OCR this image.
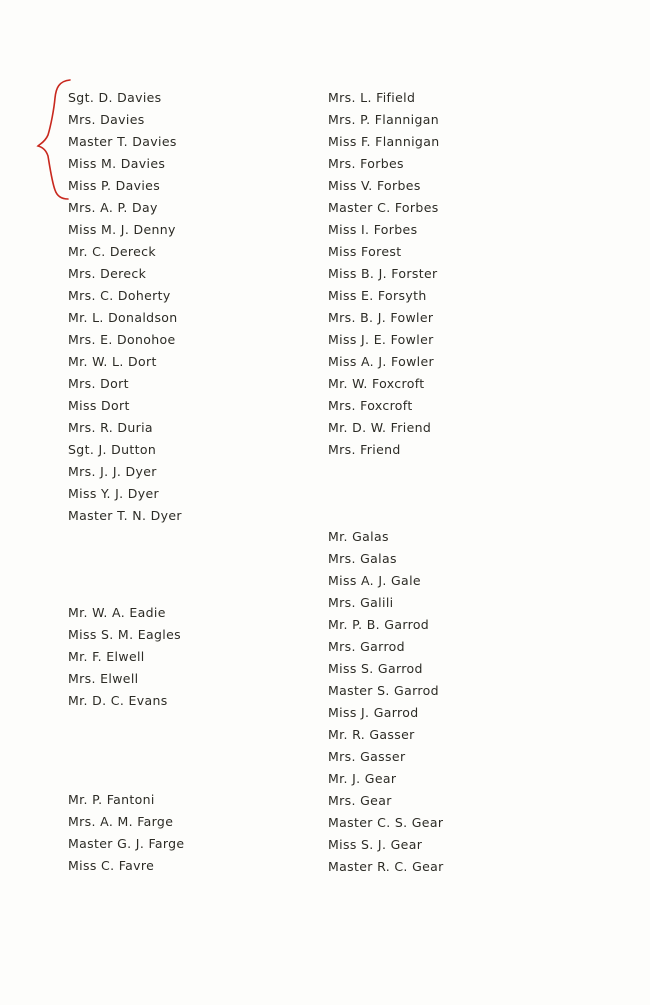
Sgt. D. Davies
Mrs. Davies
Master T. Davies
Miss M. Davies
Miss P. Davies
Mrs. A. P. Day
Miss M. J. Denny
Mr. C. Dereck
Mrs. Dereck
Mrs. C. Doherty
Mr. L. Donaldson
Mrs. E. Donohoe
Mr. W. L. Dort
Mrs. Dort
Miss Dort
Mrs. R. Duria
Sgt. J. Dutton
Mrs. J. J. Dyer
Miss Y. J. Dyer
Master T. N. Dyer
Mr. W. A. Eadie
Miss S. M. Eagles
Mr. F. Elwell
Mrs. Elwell
Mr. D. C. Evans
Mr. P. Fantoni
Mrs. A. M. Farge
Master G. J. Farge
Miss C. Favre
Mrs. L. Fifield
Mrs. P. Flannigan
Miss F. Flannigan
Mrs. Forbes
Miss V. Forbes
Master C. Forbes
Miss I. Forbes
Miss Forest
Miss B. J. Forster
Miss E. Forsyth
Mrs. B. J. Fowler
Miss J. E. Fowler
Miss A. J. Fowler
Mr. W. Foxcroft
Mrs. Foxcroft
Mr. D. W. Friend
Mrs. Friend
Mr. Galas
Mrs. Galas
Miss A. J. Gale
Mrs. Galili
Mr. P. B. Garrod
Mrs. Garrod
Miss S. Garrod
Master S. Garrod
Miss J. Garrod
Mr. R. Gasser
Mrs. Gasser
Mr. J. Gear
Mrs. Gear
Master C. S. Gear
Miss S. J. Gear
Master R. C. Gear
